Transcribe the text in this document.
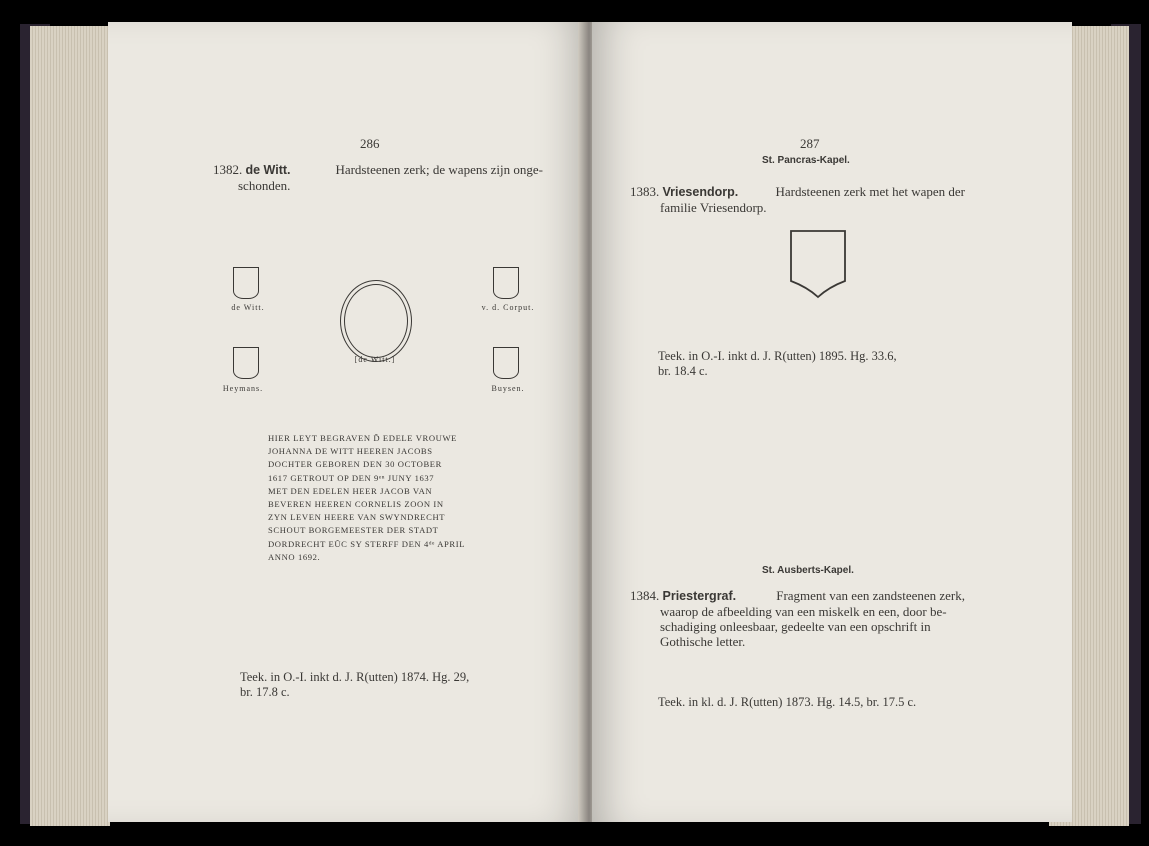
286
1382. de Witt.	Hardsteenen zerk; de wapens zijn onge-
schonden.
de Witt.	v. d. Corput.
[de Witt.]
Heymans.	Buysen.
HIER LEYT BEGRAVEN D̃ EDELE VROUWE
JOHANNA DE WITT HEEREN JACOBS
DOCHTER GEBOREN DEN 30 OCTOBER
1617 GETROUT OP DEN 9ᵉⁿ JUNY 1637
MET DEN EDELEN HEER JACOB VAN
BEVEREN HEEREN CORNELIS ZOON IN
ZYN LEVEN HEERE VAN SWYNDRECHT
SCHOUT BORGEMEESTER DER STADT
DORDRECHT EŨC SY STERFF DEN 4ᵈᵉ APRIL
ANNO 1692.
Teek. in O.-I. inkt d. J. R(utten) 1874. Hg. 29,
br. 17.8 c.
287
St. Pancras-Kapel.
1383. Vriesendorp.	Hardsteenen zerk met het wapen der
familie Vriesendorp.
Teek. in O.-I. inkt d. J. R(utten) 1895. Hg. 33.6,
br. 18.4 c.
St. Ausberts-Kapel.
1384. Priestergraf.	Fragment van een zandsteenen zerk,
waarop de afbeelding van een miskelk en een, door be-
schadiging onleesbaar, gedeelte van een opschrift in
Gothische letter.
Teek. in kl. d. J. R(utten) 1873. Hg. 14.5, br. 17.5 c.
